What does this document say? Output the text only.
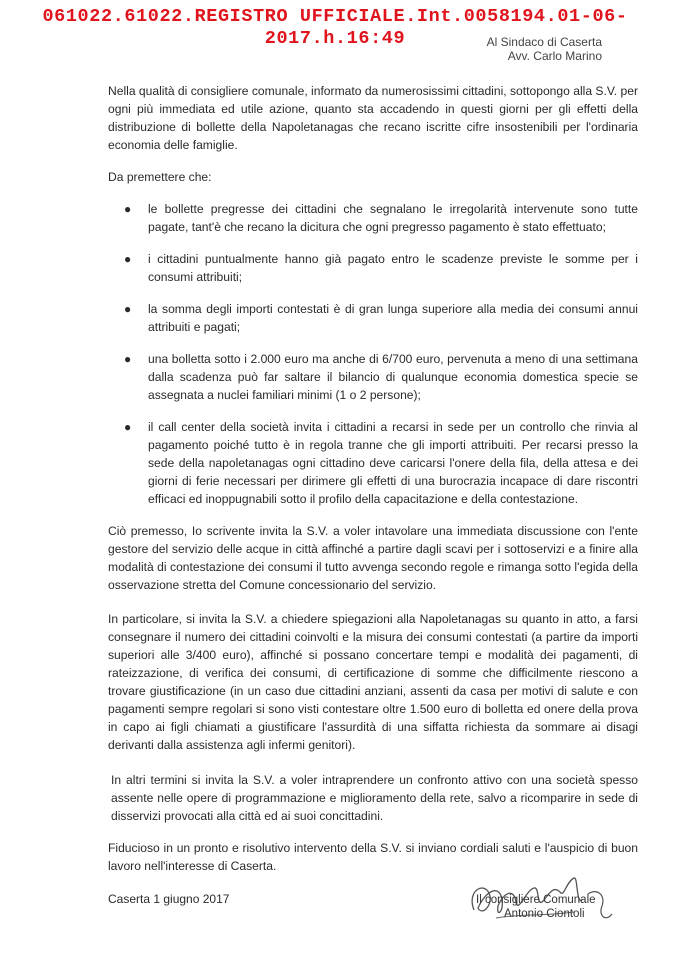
061022.61022.REGISTRO UFFICIALE.Int.0058194.01-06-
2017.h.16:49	Al Sindaco di Caserta
Avv. Carlo Marino

Nella qualità di consigliere comunale, informato da numerosissimi cittadini, sottopongo alla S.V. per ogni più immediata ed utile azione, quanto sta accadendo in questi giorni per gli effetti della distribuzione di bollette della Napoletanagas che recano iscritte cifre insostenibili per l'ordinaria economia delle famiglie.

Da premettere che:

● le bollette pregresse dei cittadini che segnalano le irregolarità intervenute sono tutte pagate, tant'è che recano la dicitura che ogni pregresso pagamento è stato effettuato;
● i cittadini puntualmente hanno già pagato entro le scadenze previste le somme per i consumi attribuiti;
● la somma degli importi contestati è di gran lunga superiore alla media dei consumi annui attribuiti e pagati;
● una bolletta sotto i 2.000 euro ma anche di 6/700 euro, pervenuta a meno di una settimana dalla scadenza può far saltare il bilancio di qualunque economia domestica specie se assegnata a nuclei familiari minimi (1 o 2 persone);
● il call center della società invita i cittadini a recarsi in sede per un controllo che rinvia al pagamento poiché tutto è in regola tranne che gli importi attribuiti. Per recarsi presso la sede della napoletanagas ogni cittadino deve caricarsi l'onere della fila, della attesa e dei giorni di ferie necessari per dirimere gli effetti di una burocrazia incapace di dare riscontri efficaci ed inoppugnabili sotto il profilo della capacitazione e della contestazione.

Ciò premesso, Io scrivente invita la S.V. a voler intavolare una immediata discussione con l'ente gestore del servizio delle acque in città affinché a partire dagli scavi per i sottoservizi e a finire alla modalità di contestazione dei consumi il tutto avvenga secondo regole e rimanga sotto l'egida della osservazione stretta del Comune concessionario del servizio.

In particolare, si invita la S.V. a chiedere spiegazioni alla Napoletanagas su quanto in atto, a farsi consegnare il numero dei cittadini coinvolti e la misura dei consumi contestati (a partire da importi superiori alle 3/400 euro), affinché si possano concertare tempi e modalità dei pagamenti, di rateizzazione, di verifica dei consumi, di certificazione di somme che difficilmente riescono a trovare giustificazione (in un caso due cittadini anziani, assenti da casa per motivi di salute e con pagamenti sempre regolari si sono visti contestare oltre 1.500 euro di bolletta ed onere della prova in capo ai figli chiamati a giustificare l'assurdità di una siffatta richiesta da sommare ai disagi derivanti dalla assistenza agli infermi genitori).

In altri termini si invita la S.V. a voler intraprendere un confronto attivo con una società spesso assente nelle opere di programmazione e miglioramento della rete, salvo a ricomparire in sede di disservizi provocati alla città ed ai suoi concittadini.

Fiducioso in un pronto e risolutivo intervento della S.V. si inviano cordiali saluti e l'auspicio di buon lavoro nell'interesse di Caserta.

Caserta 1 giugno 2017	Il consigliere Comunale
Antonio Ciontoli
